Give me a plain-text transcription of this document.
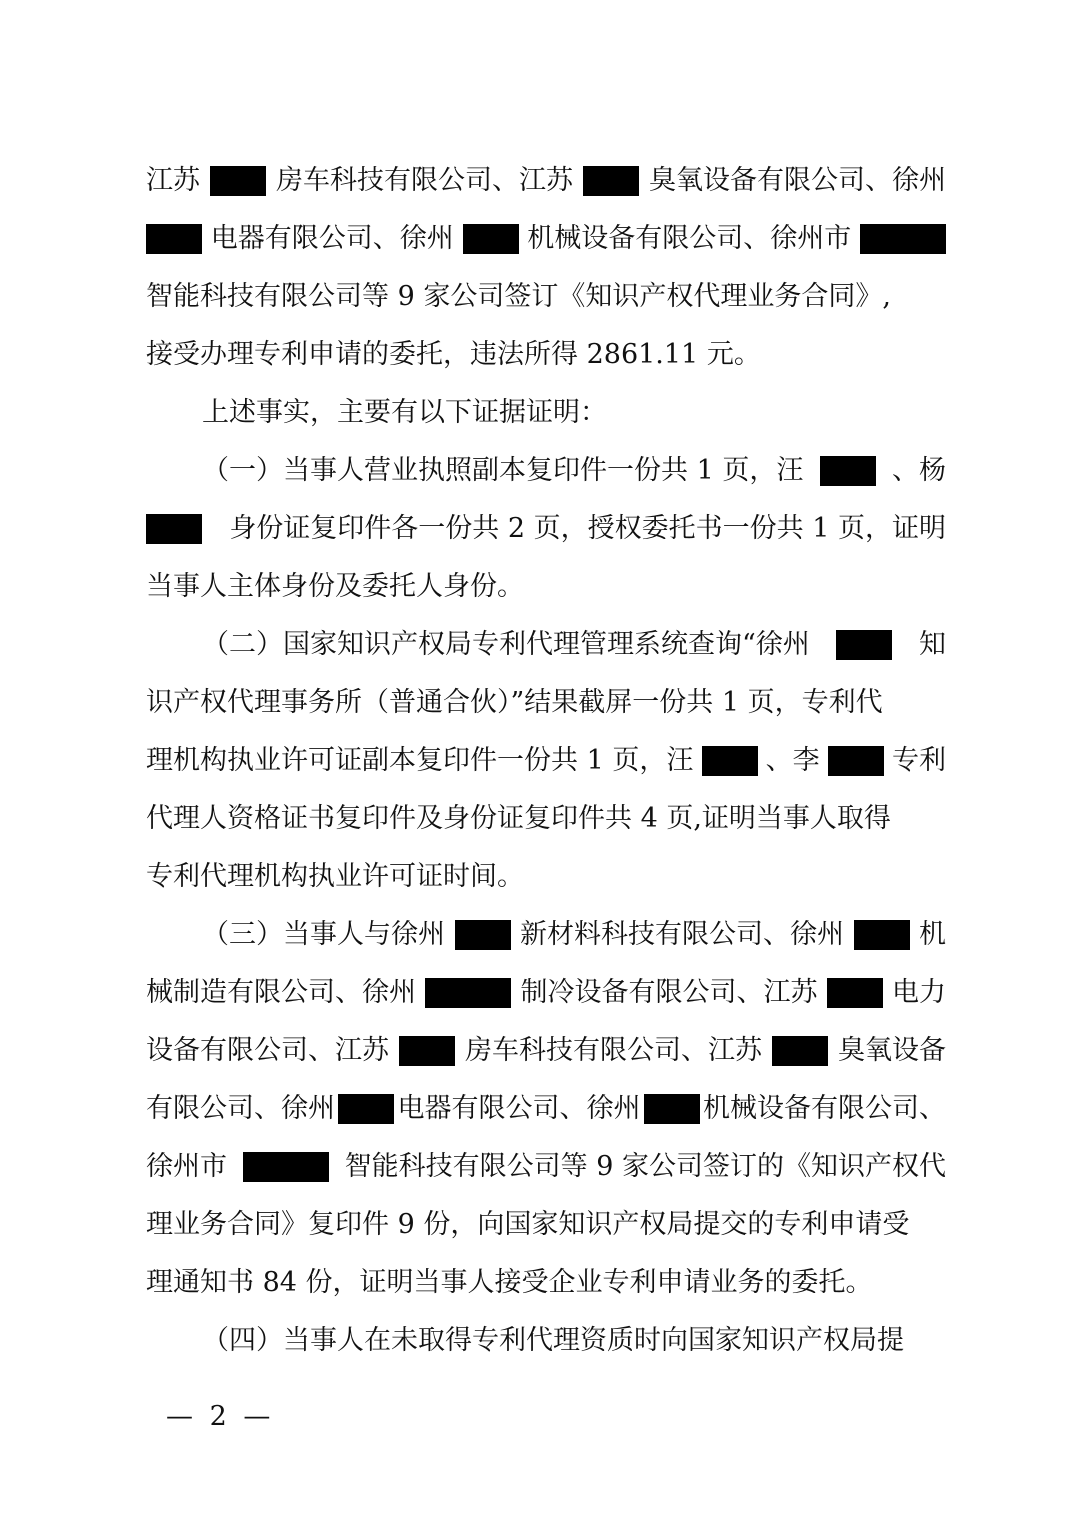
江苏	房车科技有限公司、江苏	臭氧设备有限公司、徐州
电器有限公司、徐州	机械设备有限公司、徐州市
智能科技有限公司等 9 家公司签订《知识产权代理业务合同》,
接受办理专利申请的委托，违法所得 2861.11 元。
上述事实，主要有以下证据证明：
（一）当事人营业执照副本复印件一份共 1 页，汪	、杨
身份证复印件各一份共 2 页，授权委托书一份共 1 页，证明
当事人主体身份及委托人身份。
（二）国家知识产权局专利代理管理系统查询“徐州	知
识产权代理事务所（普通合伙）”结果截屏一份共 1 页，专利代
理机构执业许可证副本复印件一份共 1 页，汪	、李	专利
代理人资格证书复印件及身份证复印件共 4 页,证明当事人取得
专利代理机构执业许可证时间。
（三）当事人与徐州	新材料科技有限公司、徐州	机
械制造有限公司、徐州	制冷设备有限公司、江苏	电力
设备有限公司、江苏	房车科技有限公司、江苏	臭氧设备
有限公司、徐州 电器有限公司、徐州 机械设备有限公司、
徐州市	智能科技有限公司等 9 家公司签订的《知识产权代
理业务合同》复印件 9 份，向国家知识产权局提交的专利申请受
理通知书 84 份，证明当事人接受企业专利申请业务的委托。
（四）当事人在未取得专利代理资质时向国家知识产权局提
— 2 —
